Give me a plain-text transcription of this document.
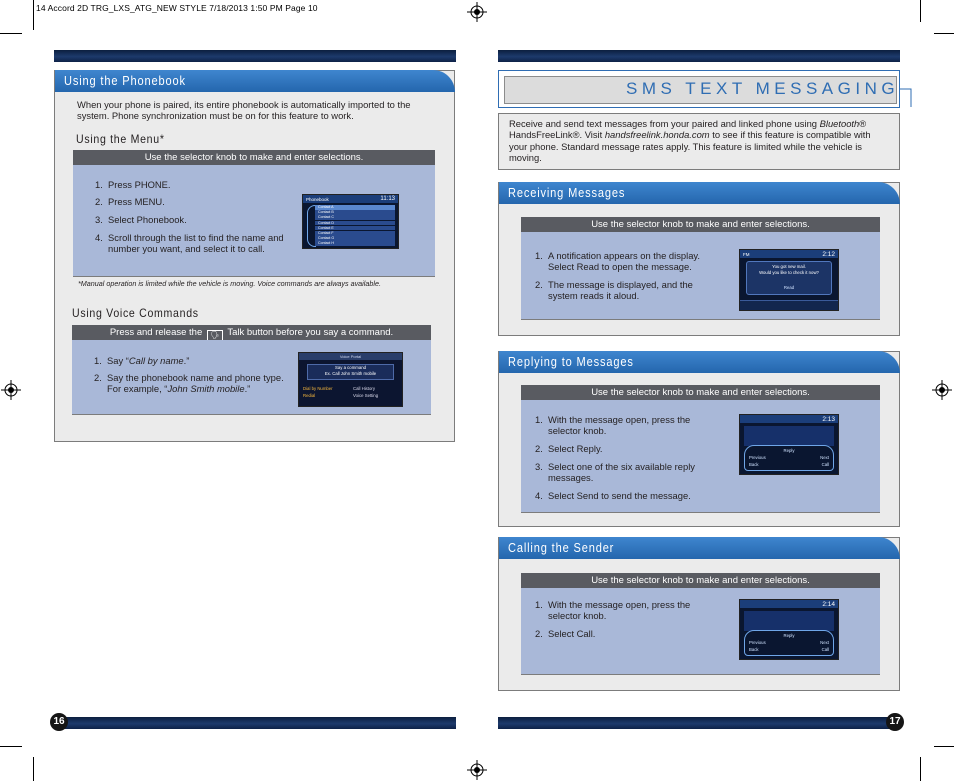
14 Accord 2D TRG_LXS_ATG_NEW STYLE 7/18/2013 1:50 PM Page 10
Using the Phonebook
When your phone is paired, its entire phonebook is automatically imported to the system. Phone synchronization must be on for this feature to work.
Using the Menu*
Use the selector knob to make and enter selections.
1. Press PHONE.
2. Press MENU.
3. Select Phonebook.
4. Scroll through the list to find the name and number you want, and select it to call.
Phonebook	11:13
Contact A
Contact B
Contact C
Contact D
Contact E
Contact F
Contact G
Contact H
*Manual operation is limited while the vehicle is moving. Voice commands are always available.
Using Voice Commands
Press and release the 🗣 Talk button before you say a command.
1. Say “Call by name.”
2. Say the phonebook name and phone type. For example, “John Smith mobile.”
Voice Portal
Say a command
Ex. Call John Smith mobile
Dial by Number	Call History
Redial	Voice Setting
16
SMS TEXT MESSAGING
Receive and send text messages from your paired and linked phone using Bluetooth® HandsFreeLink®. Visit handsfreelink.honda.com to see if this feature is compatible with your phone. Standard message rates apply. This feature is limited while the vehicle is moving.
Receiving Messages
Use the selector knob to make and enter selections.
1. A notification appears on the display. Select Read to open the message.
2. The message is displayed, and the system reads it aloud.
FM	2:12
You got new mail.
Would you like to check it now?
Read
Replying to Messages
Use the selector knob to make and enter selections.
1. With the message open, press the selector knob.
2. Select Reply.
3. Select one of the six available reply messages.
4. Select Send to send the message.
2:13
Reply
Previous	Next
Back	Call
Calling the Sender
Use the selector knob to make and enter selections.
1. With the message open, press the selector knob.
2. Select Call.
2:14
Reply
Previous	Next
Back	Call
17
